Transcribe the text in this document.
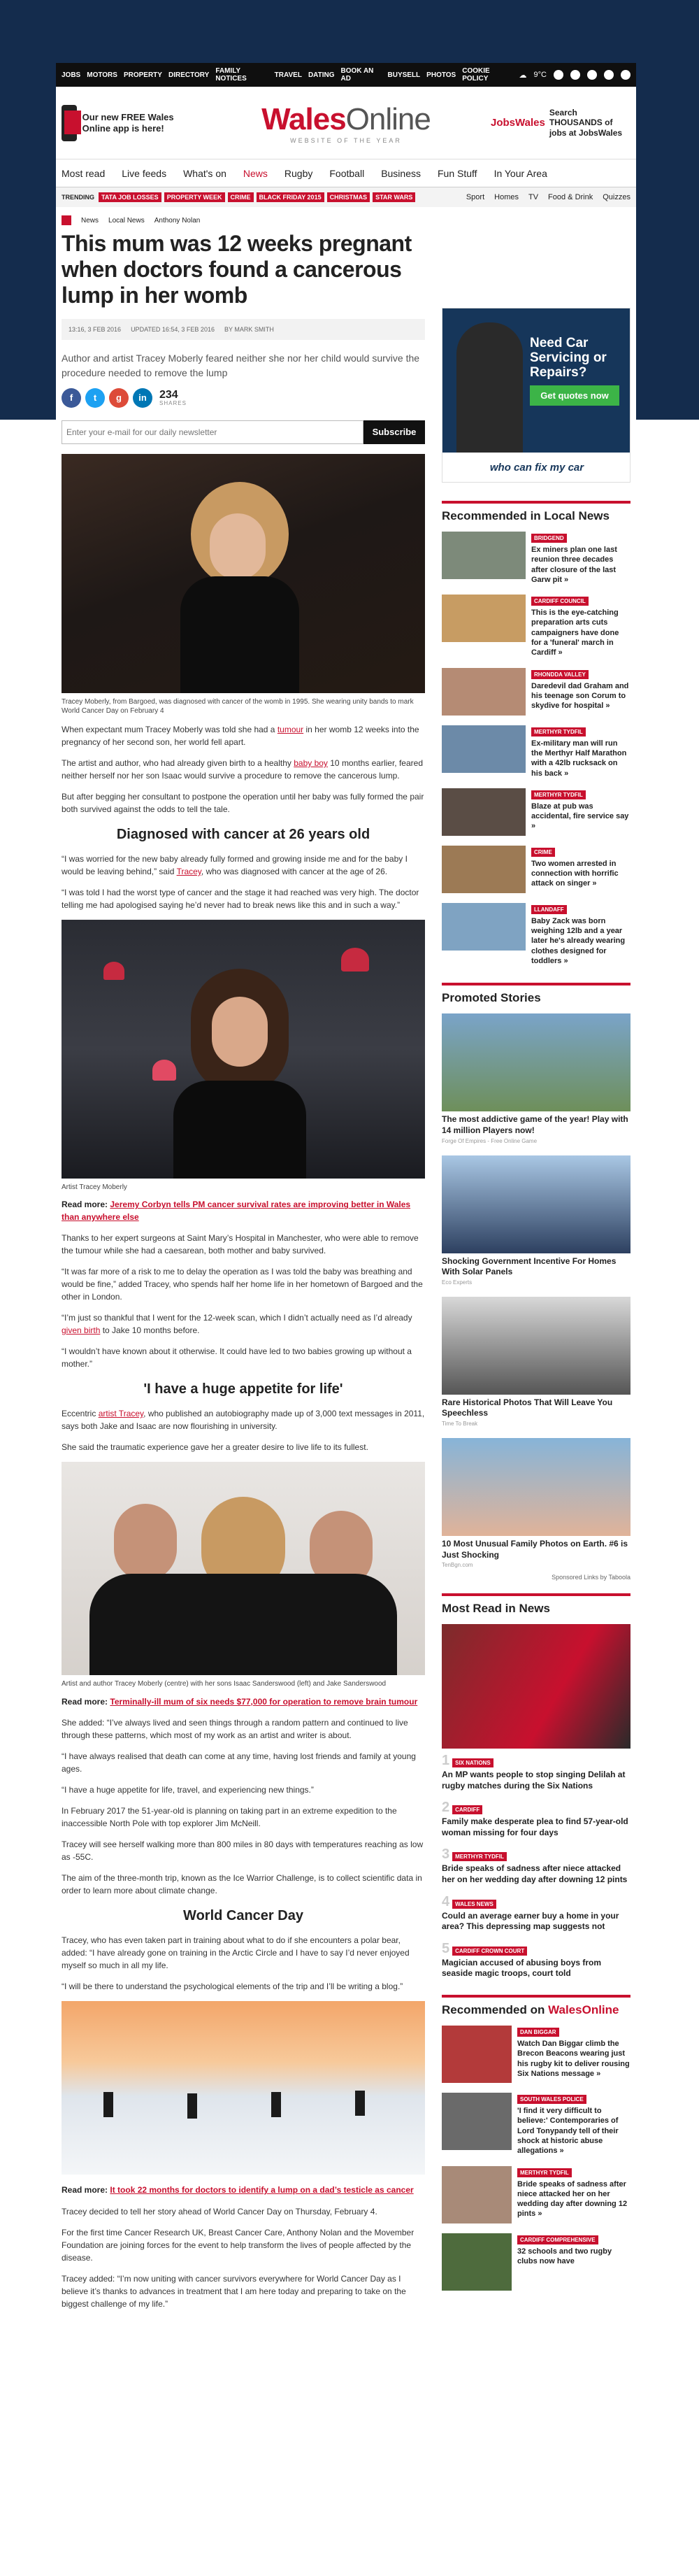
JOBS MOTORS PROPERTY DIRECTORY FAMILY NOTICES	TRAVEL DATING BOOK AN AD	BUYSELL PHOTOS COOKIE POLICY	☁ 9°C
Our new FREE Wales Online app is here!	WalesOnline
WEBSITE OF THE YEAR
JobsWales
Search THOUSANDS of jobs at JobsWales
Most read Live feeds What's on News Rugby Football Business Fun Stuff In Your Area
TRENDING	TATA JOB LOSSES	PROPERTY WEEK	CRIME	BLACK FRIDAY 2015	CHRISTMAS	STAR WARS	Sport Homes TV Food & Drink Quizzes
News Local News Anthony Nolan
This mum was 12 weeks pregnant when doctors found a cancerous lump in her womb
13:16, 3 FEB 2016 UPDATED 16:54, 3 FEB 2016 BY MARK SMITH

Author and artist Tracey Moberly feared neither she nor her child would survive the procedure needed to remove the lump

f	t	g	in	234
SHARES
Enter your e-mail for our daily newsletter
Subscribe
Tracey Moberly, from Bargoed, was diagnosed with cancer of the womb in 1995. She wearing unity bands to mark World Cancer Day on February 4

When expectant mum Tracey Moberly was told she had a tumour in her womb 12 weeks into the pregnancy of her second son, her world fell apart.

The artist and author, who had already given birth to a healthy baby boy 10 months earlier, feared neither herself nor her son Isaac would survive a procedure to remove the cancerous lump.

But after begging her consultant to postpone the operation until her baby was fully formed the pair both survived against the odds to tell the tale.

Diagnosed with cancer at 26 years old

“I was worried for the new baby already fully formed and growing inside me and for the baby I would be leaving behind,” said Tracey, who was diagnosed with cancer at the age of 26.

“I was told I had the worst type of cancer and the stage it had reached was very high. The doctor telling me had apologised saying he’d never had to break news like this and in such a way.”

Artist Tracey Moberly

Read more: Jeremy Corbyn tells PM cancer survival rates are improving better in Wales than anywhere else

Thanks to her expert surgeons at Saint Mary’s Hospital in Manchester, who were able to remove the tumour while she had a caesarean, both mother and baby survived.

“It was far more of a risk to me to delay the operation as I was told the baby was breathing and would be fine,” added Tracey, who spends half her home life in her hometown of Bargoed and the other in London.

“I’m just so thankful that I went for the 12-week scan, which I didn’t actually need as I’d already given birth to Jake 10 months before.

“I wouldn’t have known about it otherwise. It could have led to two babies growing up without a mother.”

'I have a huge appetite for life'

Eccentric artist Tracey, who published an autobiography made up of 3,000 text messages in 2011, says both Jake and Isaac are now flourishing in university.

She said the traumatic experience gave her a greater desire to live life to its fullest.

Artist and author Tracey Moberly (centre) with her sons Isaac Sanderswood (left) and Jake Sanderswood

Read more: Terminally-ill mum of six needs $77,000 for operation to remove brain tumour

She added: “I’ve always lived and seen things through a random pattern and continued to live through these patterns, which most of my work as an artist and writer is about.

“I have always realised that death can come at any time, having lost friends and family at young ages.

“I have a huge appetite for life, travel, and experiencing new things.”

In February 2017 the 51-year-old is planning on taking part in an extreme expedition to the inaccessible North Pole with top explorer Jim McNeill.

Tracey will see herself walking more than 800 miles in 80 days with temperatures reaching as low as -55C.

The aim of the three-month trip, known as the Ice Warrior Challenge, is to collect scientific data in order to learn more about climate change.

World Cancer Day

Tracey, who has even taken part in training about what to do if she encounters a polar bear, added: “I have already gone on training in the Arctic Circle and I have to say I’d never enjoyed myself so much in all my life.

“I will be there to understand the psychological elements of the trip and I’ll be writing a blog.”

Read more: It took 22 months for doctors to identify a lump on a dad’s testicle as cancer

Tracey decided to tell her story ahead of World Cancer Day on Thursday, February 4.

For the first time Cancer Research UK, Breast Cancer Care, Anthony Nolan and the Movember Foundation are joining forces for the event to help transform the lives of people affected by the disease.

Tracey added: “I’m now uniting with cancer survivors everywhere for World Cancer Day as I believe it’s thanks to advances in treatment that I am here today and preparing to take on the biggest challenge of my life.”

Need Car Servicing or Repairs?
Get quotes now
who can fix my car
Recommended in Local News
BRIDGEND
Ex miners plan one last reunion three decades after closure of the last Garw pit »
CARDIFF COUNCIL
This is the eye-catching preparation arts cuts campaigners have done for a 'funeral' march in Cardiff »
RHONDDA VALLEY
Daredevil dad Graham and his teenage son Corum to skydive for hospital »
MERTHYR TYDFIL
Ex-military man will run the Merthyr Half Marathon with a 42lb rucksack on his back »
MERTHYR TYDFIL
Blaze at pub was accidental, fire service say »
CRIME
Two women arrested in connection with horrific attack on singer »
LLANDAFF
Baby Zack was born weighing 12lb and a year later he's already wearing clothes designed for toddlers »
Promoted Stories
The most addictive game of the year! Play with 14 million Players now!
Forge Of Empires - Free Online Game
Shocking Government Incentive For Homes With Solar Panels
Eco Experts
Rare Historical Photos That Will Leave You Speechless
Time To Break
10 Most Unusual Family Photos on Earth. #6 is Just Shocking
TenBgn.com
Sponsored Links by Taboola
Most Read in News
1 SIX NATIONS
An MP wants people to stop singing Delilah at rugby matches during the Six Nations
2 CARDIFF
Family make desperate plea to find 57-year-old woman missing for four days
3 MERTHYR TYDFIL
Bride speaks of sadness after niece attacked her on her wedding day after downing 12 pints
4 WALES NEWS
Could an average earner buy a home in your area? This depressing map suggests not
5 CARDIFF CROWN COURT
Magician accused of abusing boys from seaside magic troops, court told
Recommended on WalesOnline
DAN BIGGAR
Watch Dan Biggar climb the Brecon Beacons wearing just his rugby kit to deliver rousing Six Nations message »
SOUTH WALES POLICE
'I find it very difficult to believe:' Contemporaries of Lord Tonypandy tell of their shock at historic abuse allegations »
MERTHYR TYDFIL
Bride speaks of sadness after niece attacked her on her wedding day after downing 12 pints »
CARDIFF COMPREHENSIVE
32 schools and two rugby clubs now have
